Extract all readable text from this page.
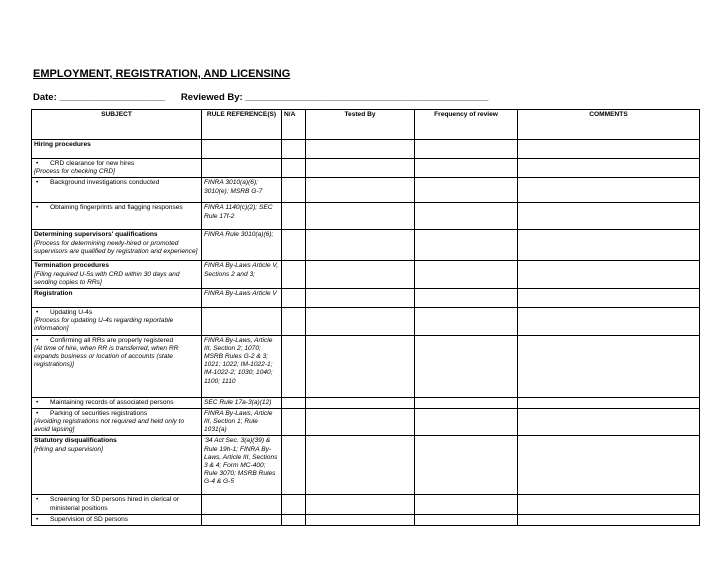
EMPLOYMENT, REGISTRATION, AND LICENSING
Date: ____________________ Reviewed By: ______________________________________________
SUBJECT	RULE REFERENCE(S)	N/A	Tested By	Frequency of review	COMMENTS

Hiring procedures					

• CRD clearance for new hires
[Process for checking CRD]					

• Background investigations conducted	FINRA 3010(a)(6); 3010(e); MSRB G-7				

• Obtaining fingerprints and flagging responses	FINRA 1140(c)(2); SEC Rule 17f-2				

Determining supervisors' qualifications
[Process for determining newly-hired or promoted supervisors are qualified by registration and experience]	FINRA Rule 3010(a)(6);				

Termination procedures
[Filing required U-5s with CRD within 30 days and sending copies to RRs]	FINRA By-Laws Article V, Sections 2 and 3;				

Registration	FINRA By-Laws Article V				

• Updating U-4s
[Process for updating U-4s regarding reportable information]					

• Confirming all RRs are properly registered
[At time of hire, when RR is transferred, when RR expands business or location of accounts (state registrations)]	FINRA By-Laws, Article III, Section 2; 1070; MSRB Rules G-2 & 3; 1021; 1022; IM-1022-1; IM-1022-2; 1030; 1040; 1100; 1110				

• Maintaining records of associated persons	SEC Rule 17a-3(a)(12)				

• Parking of securities registrations
[Avoiding registrations not required and held only to avoid lapsing]	FINRA By-Laws, Article III, Section 1; Rule 1031(a)				

Statutory disqualifications
[Hiring and supervision]	'34 Act Sec. 3(a)(39) & Rule 19h-1; FINRA By-Laws, Article III, Sections 3 & 4; Form MC-400; Rule 3070; MSRB Rules G-4 & G-5				

• Screening for SD persons hired in clerical or ministerial positions					

• Supervision of SD persons					
